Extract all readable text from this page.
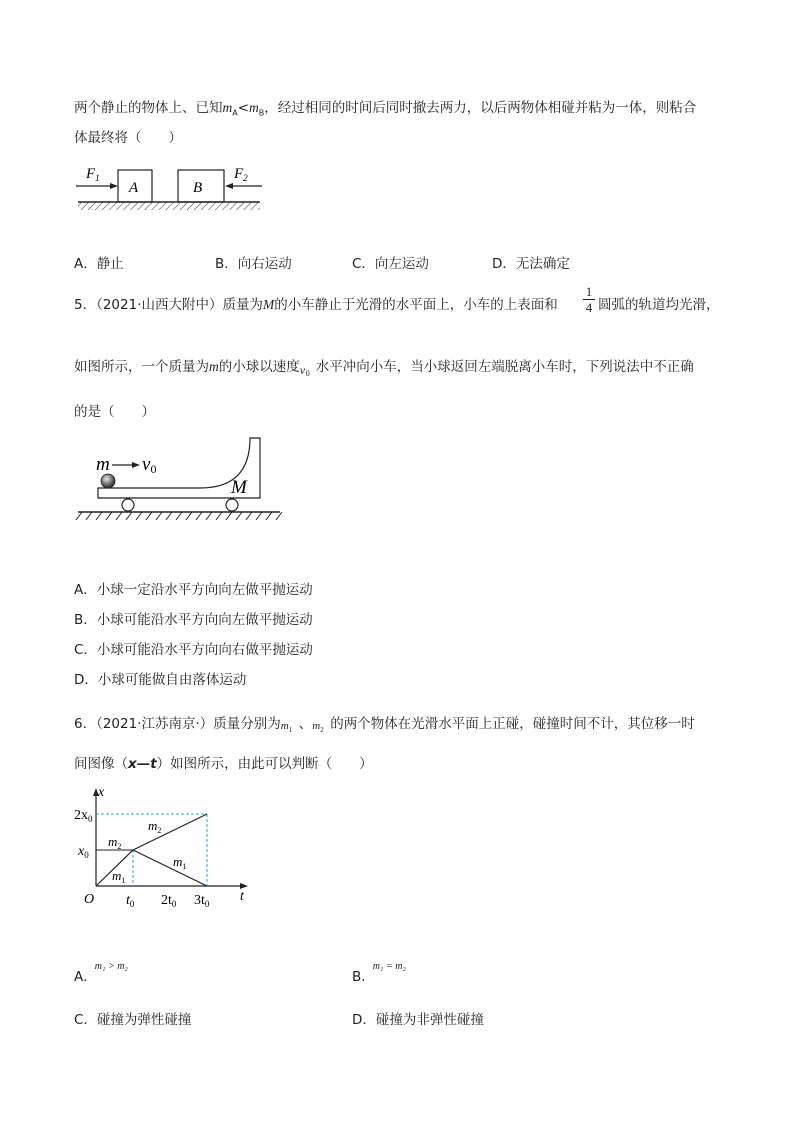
两个静止的物体上、已知$m_A<m_B$，经过相同的时间后同时撤去两力，以后两物体相碰并粘为一体，则粘合
体最终将（　　）
$F_1$
A	B
$F_2$
A．静止	B．向右运动	C．向左运动	D．无法确定
5．（2021·山西大附中）质量为M的小车静止于光滑的水平面上，小车的上表面和 $\frac{1}{4}$ 圆弧的轨道均光滑，
如图所示，一个质量为m的小球以速度 v 0 水平冲向小车，当小球返回左端脱离小车时，下列说法中不正确
的是（　　）
m v0
M
A．小球一定沿水平方向向左做平抛运动
B．小球可能沿水平方向向左做平抛运动
C．小球可能沿水平方向向右做平抛运动
D．小球可能做自由落体运动
6．（2021·江苏南京·）质量分别为 m 1 、 m 2 的两个物体在光滑水平面上正碰，碰撞时间不计，其位移一时
间图像（x—t）如图所示，由此可以判断（　　）
$2x_0$
$x_0$
x
t
O $t_0$ $2t_0$ $3t_0$
$m_2$
$m_1$
$m_2$
$m_1$
A．$^{m_1 > m_2}$
B．$^{m_1 = m_2}$
C．碰撞为弹性碰撞	D．碰撞为非弹性碰撞
